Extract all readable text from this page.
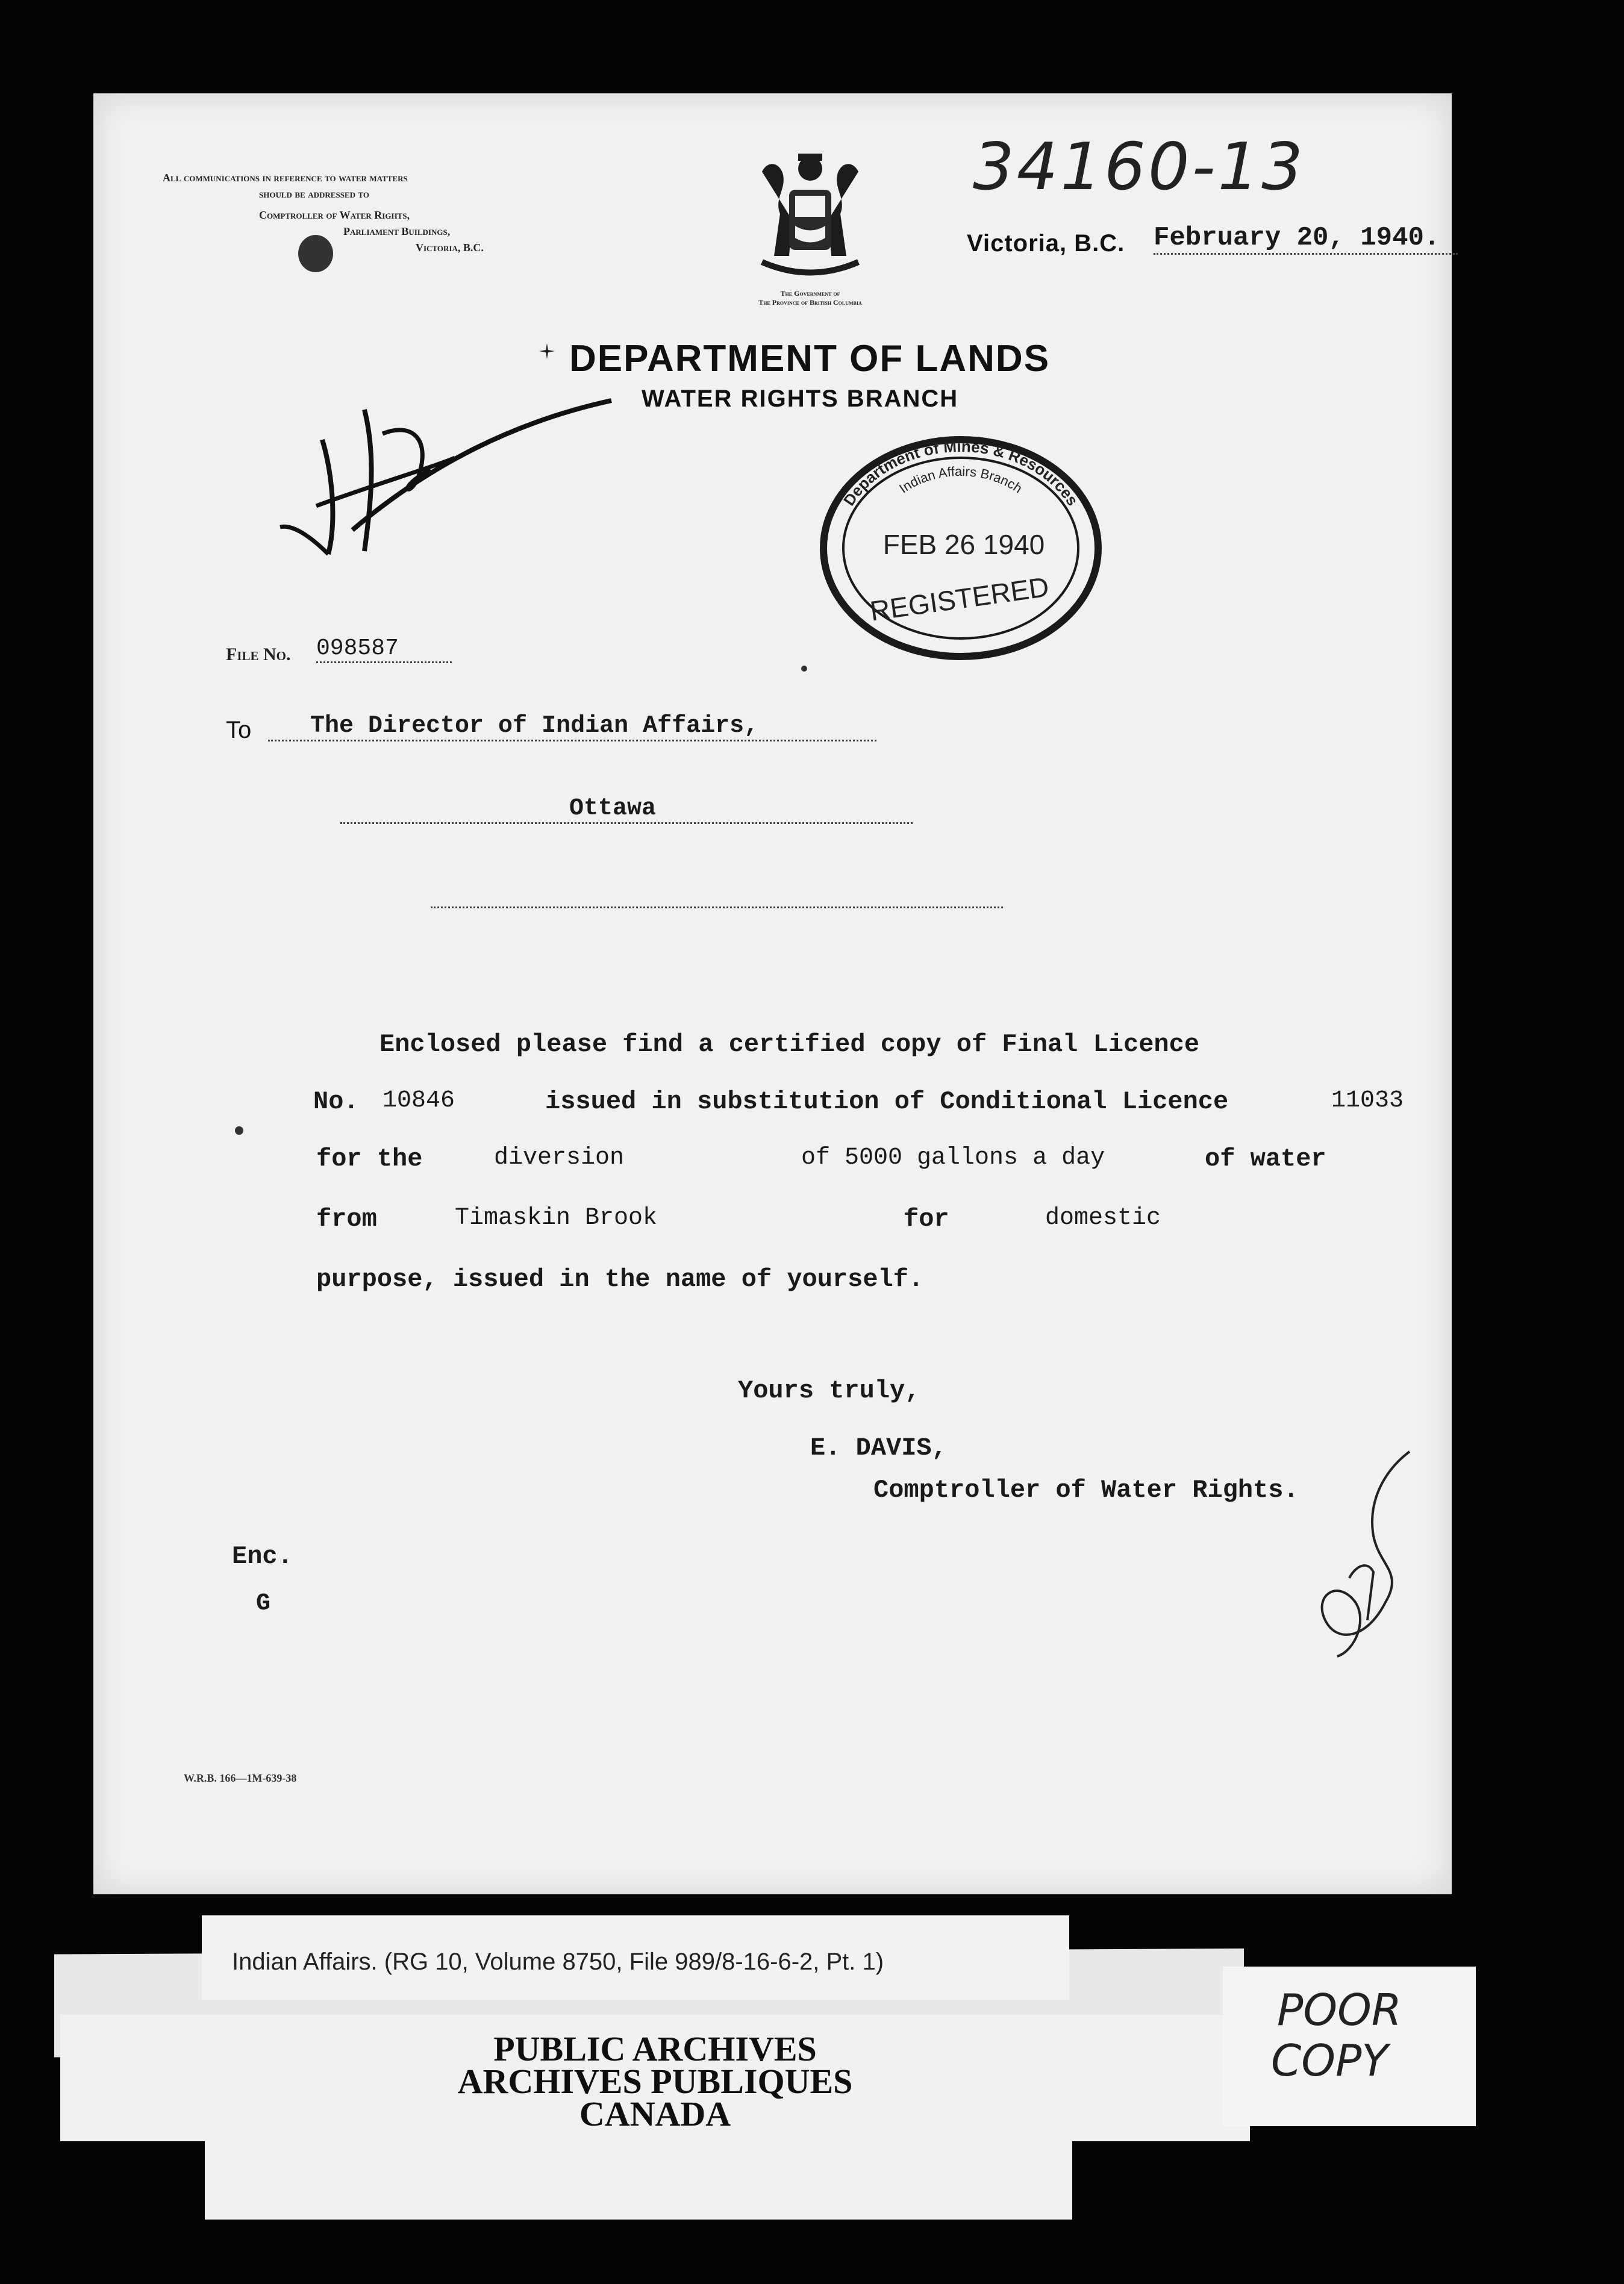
All communications in reference to water matters
should be addressed to
Comptroller of Water Rights,
Parliament Buildings,
Victoria, B.C.
The Government of
The Province of British Columbia
34160-13
Victoria, B.C. February 20, 1940.
DEPARTMENT OF LANDS
WATER RIGHTS BRANCH
Department of Mines & Resources
Indian Affairs Branch
FEB 26 1940
REGISTERED
File No. 098587
To	The Director of Indian Affairs,
Ottawa
Enclosed please find a certified copy of Final Licence
No. 10846	issued in substitution of Conditional Licence	11033
for the	diversion	of 5000 gallons a day	of water
from	Timaskin Brook	for	domestic
purpose, issued in the name of yourself.
Yours truly,
E. DAVIS,
Comptroller of Water Rights.
Enc.
G
W.R.B. 166—1M-639-38
Indian Affairs. (RG 10, Volume 8750, File 989/8-16-6-2, Pt. 1)
PUBLIC ARCHIVES
ARCHIVES PUBLIQUES
CANADA
POOR
COPY
